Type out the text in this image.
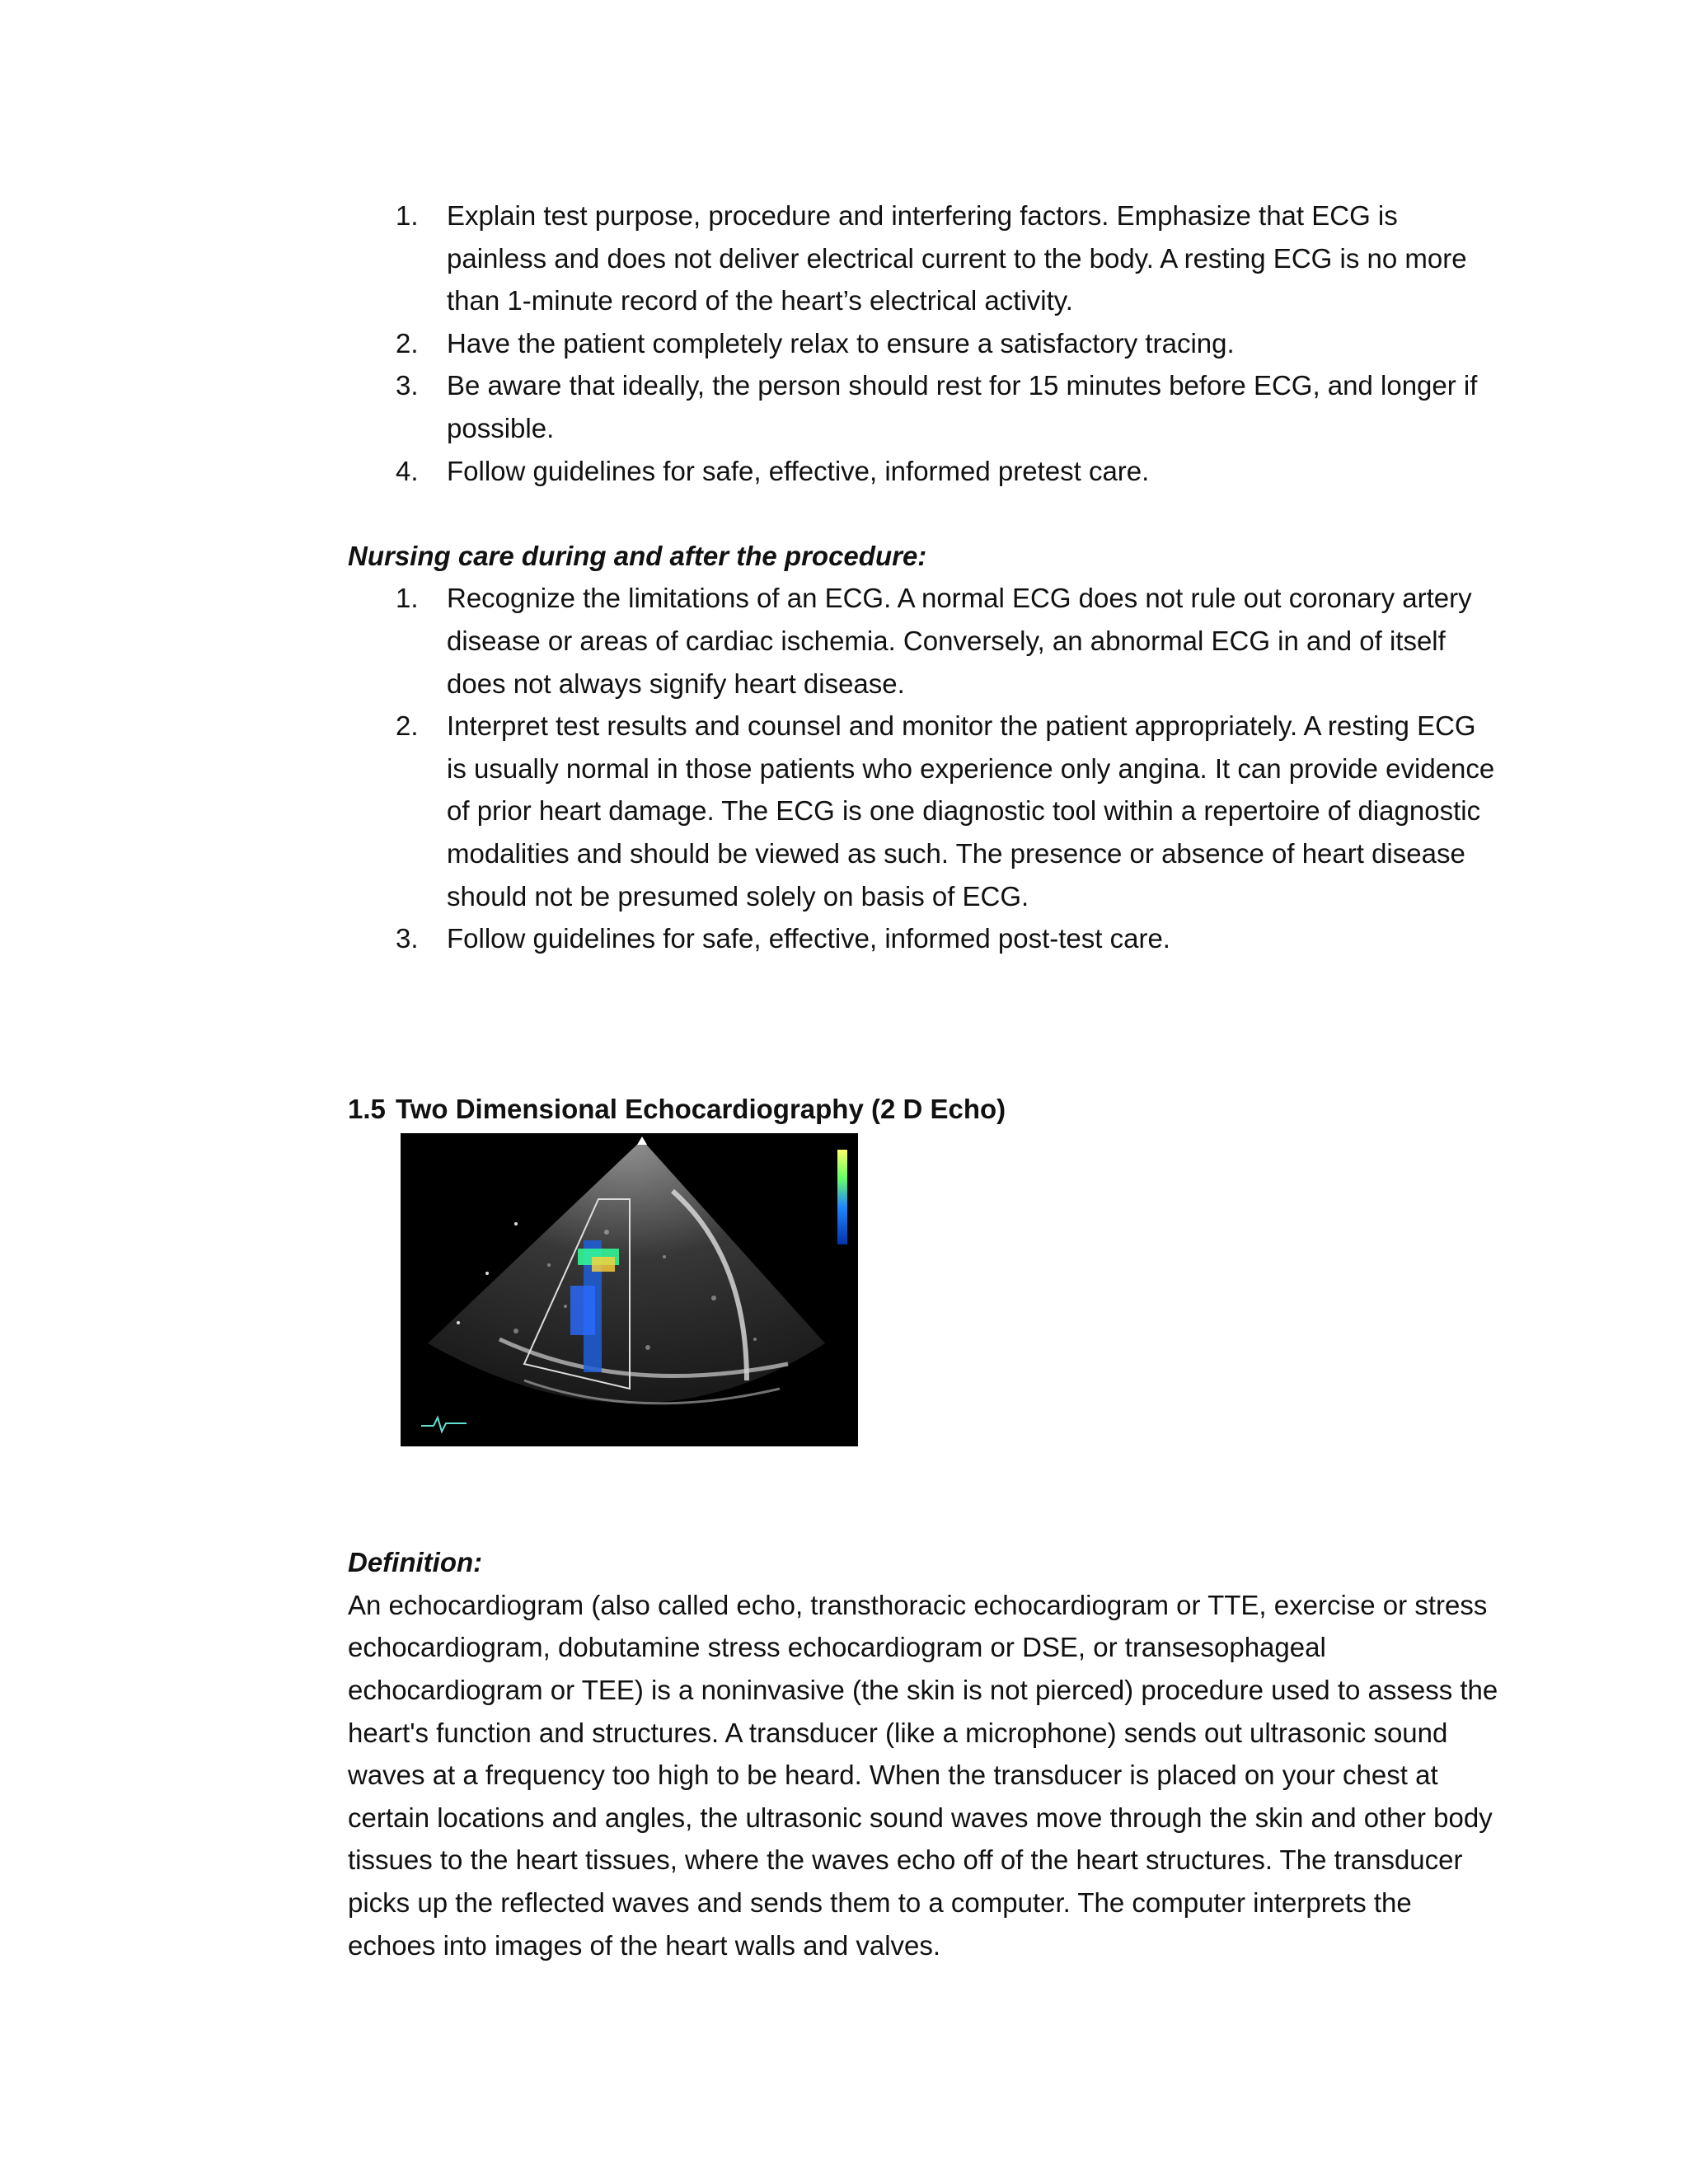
1. Explain test purpose, procedure and interfering factors. Emphasize that ECG is painless and does not deliver electrical current to the body. A resting ECG is no more than 1-minute record of the heart’s electrical activity.
2. Have the patient completely relax to ensure a satisfactory tracing.
3. Be aware that ideally, the person should rest for 15 minutes before ECG, and longer if possible.
4. Follow guidelines for safe, effective, informed pretest care.
Nursing care during and after the procedure:
1. Recognize the limitations of an ECG. A normal ECG does not rule out coronary artery disease or areas of cardiac ischemia. Conversely, an abnormal ECG in and of itself does not always signify heart disease.
2. Interpret test results and counsel and monitor the patient appropriately. A resting ECG is usually normal in those patients who experience only angina. It can provide evidence of prior heart damage. The ECG is one diagnostic tool within a repertoire of diagnostic modalities and should be viewed as such. The presence or absence of heart disease should not be presumed solely on basis of ECG.
3. Follow guidelines for safe, effective, informed post-test care.
1.5 Two Dimensional Echocardiography (2 D Echo)
Definition:

An echocardiogram (also called echo, transthoracic echocardiogram or TTE, exercise or stress echocardiogram, dobutamine stress echocardiogram or DSE, or transesophageal echocardiogram or TEE) is a noninvasive (the skin is not pierced) procedure used to assess the heart's function and structures. A transducer (like a microphone) sends out ultrasonic sound waves at a frequency too high to be heard. When the transducer is placed on your chest at certain locations and angles, the ultrasonic sound waves move through the skin and other body tissues to the heart tissues, where the waves echo off of the heart structures. The transducer picks up the reflected waves and sends them to a computer. The computer interprets the echoes into images of the heart walls and valves.
